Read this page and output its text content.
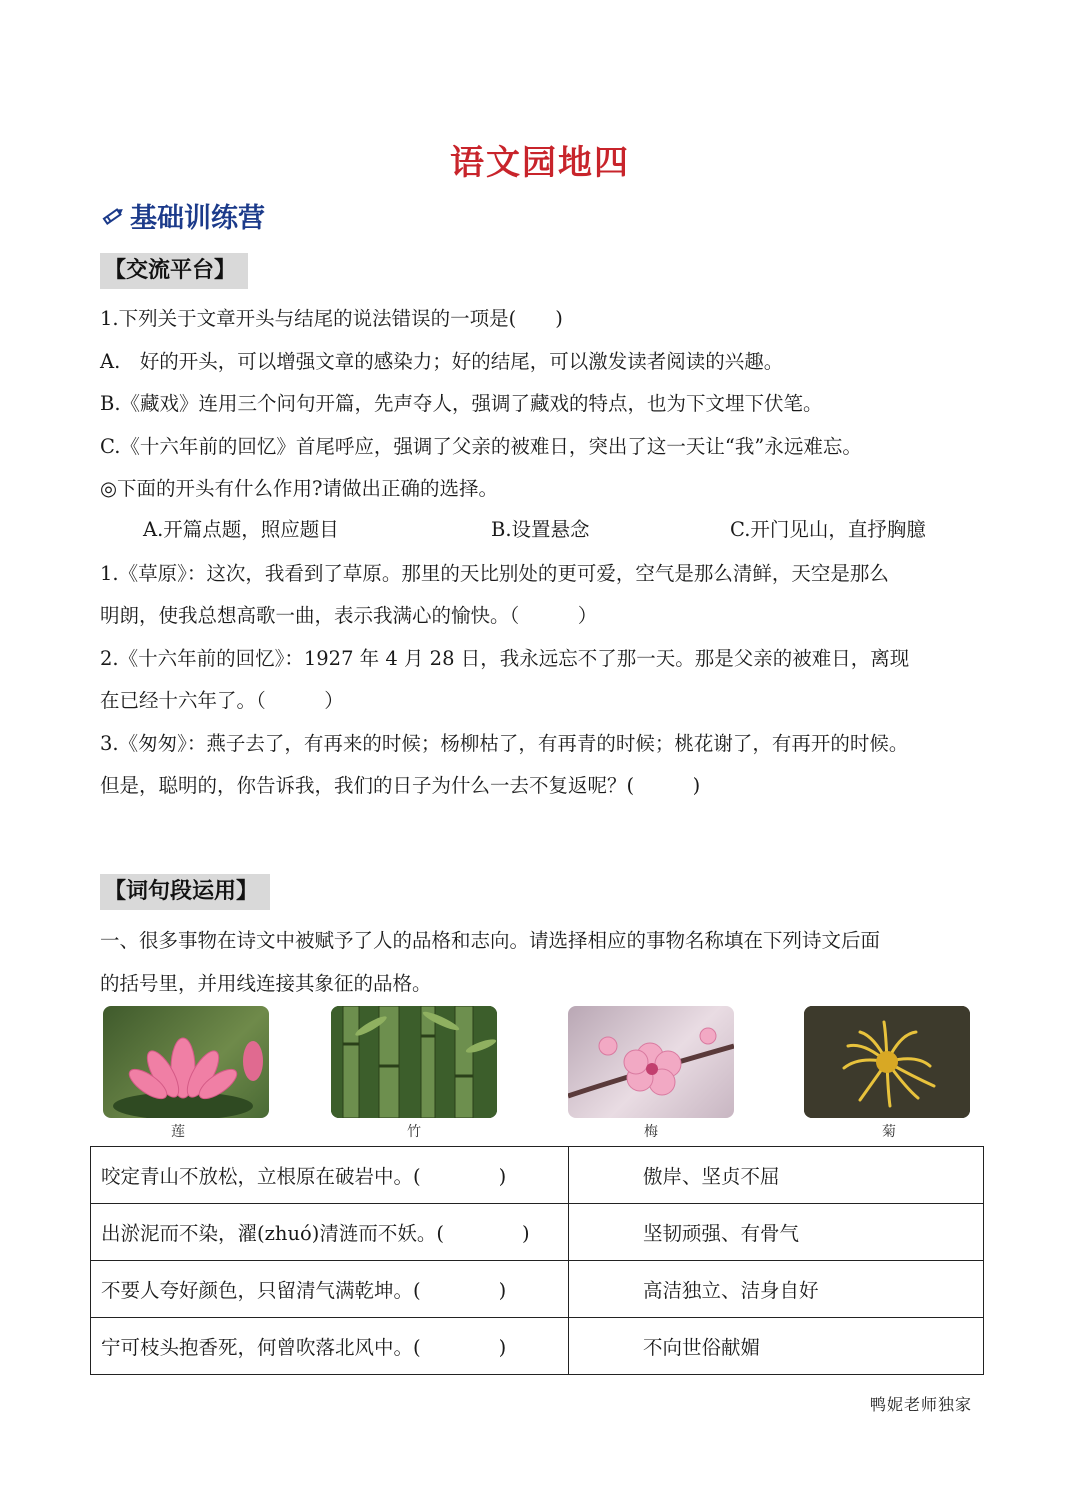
语文园地四
基础训练营
【交流平台】
1.下列关于文章开头与结尾的说法错误的一项是(　　)
A.　好的开头，可以增强文章的感染力；好的结尾，可以激发读者阅读的兴趣。
B.《藏戏》连用三个问句开篇，先声夺人，强调了藏戏的特点，也为下文埋下伏笔。
C.《十六年前的回忆》首尾呼应，强调了父亲的被难日，突出了这一天让“我”永远难忘。
◎下面的开头有什么作用?请做出正确的选择。
A.开篇点题，照应题目	B.设置悬念	C.开门见山，直抒胸臆
1.《草原》：这次，我看到了草原。那里的天比别处的更可爱，空气是那么清鲜，天空是那么
明朗，使我总想高歌一曲，表示我满心的愉快。（　　　）
2.《十六年前的回忆》：1927 年 4 月 28 日，我永远忘不了那一天。那是父亲的被难日，离现
在已经十六年了。（　　　）
3.《匆匆》：燕子去了，有再来的时候；杨柳枯了，有再青的时候；桃花谢了，有再开的时候。
但是，聪明的，你告诉我，我们的日子为什么一去不复返呢？(　　　)
【词句段运用】
一、很多事物在诗文中被赋予了人的品格和志向。请选择相应的事物名称填在下列诗文后面
的括号里，并用线连接其象征的品格。
莲	竹	梅	菊
咬定青山不放松，立根原在破岩中。(　　　　)	傲岸、坚贞不屈
出淤泥而不染，濯(zhuó)清涟而不妖。(　　　　)	坚韧顽强、有骨气
不要人夸好颜色，只留清气满乾坤。(　　　　)	高洁独立、洁身自好
宁可枝头抱香死，何曾吹落北风中。(　　　　)	不向世俗献媚
鸭妮老师独家
